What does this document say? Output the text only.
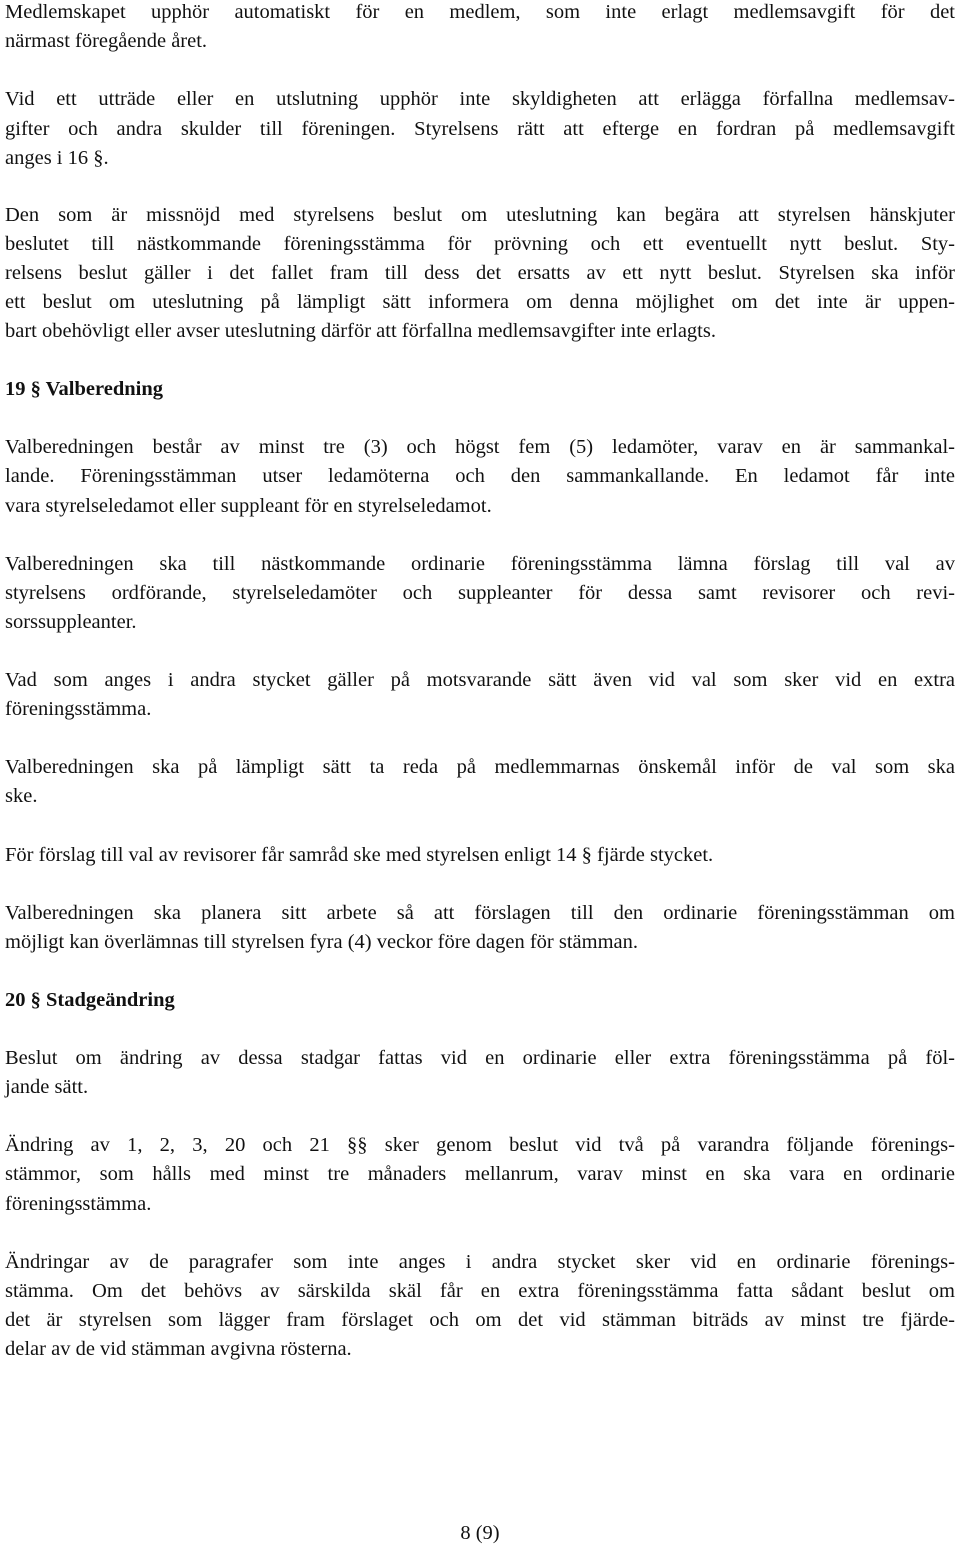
Medlemskapet upphör automatiskt för en medlem, som inte erlagt medlemsavgift för det
närmast föregående året.
Vid ett utträde eller en utslutning upphör inte skyldigheten att erlägga förfallna medlemsav-
gifter och andra skulder till föreningen. Styrelsens rätt att efterge en fordran på medlemsavgift
anges i 16 §.
Den som är missnöjd med styrelsens beslut om uteslutning kan begära att styrelsen hänskjuter
beslutet till nästkommande föreningsstämma för prövning och ett eventuellt nytt beslut. Sty-
relsens beslut gäller i det fallet fram till dess det ersatts av ett nytt beslut. Styrelsen ska inför
ett beslut om uteslutning på lämpligt sätt informera om denna möjlighet om det inte är uppen-
bart obehövligt eller avser uteslutning därför att förfallna medlemsavgifter inte erlagts.
19 § Valberedning
Valberedningen består av minst tre (3) och högst fem (5) ledamöter, varav en är sammankal-
lande. Föreningsstämman utser ledamöterna och den sammankallande. En ledamot får inte
vara styrelseledamot eller suppleant för en styrelseledamot.
Valberedningen ska till nästkommande ordinarie föreningsstämma lämna förslag till val av
styrelsens ordförande, styrelseledamöter och suppleanter för dessa samt revisorer och revi-
sorssuppleanter.
Vad som anges i andra stycket gäller på motsvarande sätt även vid val som sker vid en extra
föreningsstämma.
Valberedningen ska på lämpligt sätt ta reda på medlemmarnas önskemål inför de val som ska
ske.
För förslag till val av revisorer får samråd ske med styrelsen enligt 14 § fjärde stycket.
Valberedningen ska planera sitt arbete så att förslagen till den ordinarie föreningsstämman om
möjligt kan överlämnas till styrelsen fyra (4) veckor före dagen för stämman.
20 § Stadgeändring
Beslut om ändring av dessa stadgar fattas vid en ordinarie eller extra föreningsstämma på föl-
jande sätt.
Ändring av 1, 2, 3, 20 och 21 §§ sker genom beslut vid två på varandra följande förenings-
stämmor, som hålls med minst tre månaders mellanrum, varav minst en ska vara en ordinarie
föreningsstämma.
Ändringar av de paragrafer som inte anges i andra stycket sker vid en ordinarie förenings-
stämma. Om det behövs av särskilda skäl får en extra föreningsstämma fatta sådant beslut om
det är styrelsen som lägger fram förslaget och om det vid stämman biträds av minst tre fjärde-
delar av de vid stämman avgivna rösterna.
8 (9)
